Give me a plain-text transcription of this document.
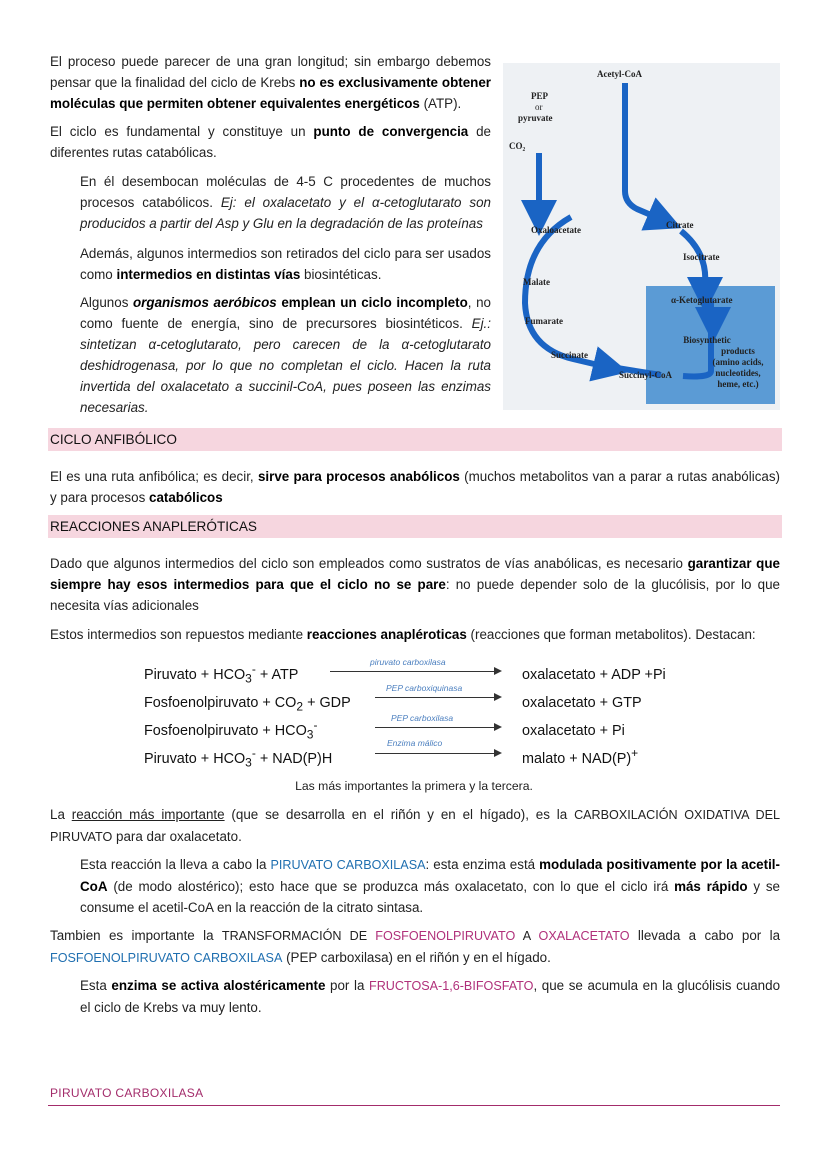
El proceso puede parecer de una gran longitud; sin embargo debemos pensar que la finalidad del ciclo de Krebs no es exclusivamente obtener moléculas que permiten obtener equivalentes energéticos (ATP).

El ciclo es fundamental y constituye un punto de convergencia de diferentes rutas catabólicas.

En él desembocan moléculas de 4-5 C procedentes de muchos procesos catabólicos. Ej: el oxalacetato y el α-cetoglutarato son producidos a partir del Asp y Glu en la degradación de las proteínas

Además, algunos intermedios son retirados del ciclo para ser usados como intermedios en distintas vías biosintéticas.

Algunos organismos aeróbicos emplean un ciclo incompleto, no como fuente de energía, sino de precursores biosintéticos. Ej.: sintetizan α-cetoglutarato, pero carecen de la α-cetoglutarato deshidrogenasa, por lo que no completan el ciclo. Hacen la ruta invertida del oxalacetato a succinil-CoA, pues poseen las enzimas necesarias.

Acetyl-CoA
PEP
or
pyruvate
CO₂
Oxaloacetate	Citrate
Isocitrate
Malate
Fumarate
Succinate
Succinyl-CoA
α-Ketoglutarate
Biosynthetic
products
(amino acids,
nucleotides,
heme, etc.)
CICLO ANFIBÓLICO

El es una ruta anfibólica; es decir, sirve para procesos anabólicos (muchos metabolitos van a parar a rutas anabólicas) y para procesos catabólicos

REACCIONES ANAPLERÓTICAS

Dado que algunos intermedios del ciclo son empleados como sustratos de vías anabólicas, es necesario garantizar que siempre hay esos intermedios para que el ciclo no se pare: no puede depender solo de la glucólisis, por lo que necesita vías adicionales

Estos intermedios son repuestos mediante reacciones anapléroticas (reacciones que forman metabolitos). Destacan:

Piruvato + $HCO_3^-$ + ATP
piruvato carboxilasa
oxalacetato + ADP +Pi
Fosfoenolpiruvato + $CO_2$ + GDP
PEP carboxiquinasa
oxalacetato + GTP
Fosfoenolpiruvato + $HCO_3^-$	PEP carboxilasa
oxalacetato + Pi
Piruvato + $HCO_3^- + NAD(P)H$
Enzima málico
malato + NAD(P)+
Las más importantes la primera y la tercera.

La reacción más importante (que se desarrolla en el riñón y en el hígado), es la CARBOXILACIÓN OXIDATIVA DEL PIRUVATO para dar oxalacetato.

Esta reacción la lleva a cabo la PIRUVATO CARBOXILASA: esta enzima está modulada positivamente por la acetil-CoA (de modo alostérico); esto hace que se produzca más oxalacetato, con lo que el ciclo irá más rápido y se consume el acetil-CoA en la reacción de la citrato sintasa.

Tambien es importante la TRANSFORMACIÓN DE FOSFOENOLPIRUVATO A OXALACETATO llevada a cabo por la FOSFOENOLPIRUVATO CARBOXILASA (PEP carboxilasa) en el riñón y en el hígado.

Esta enzima se activa alostéricamente por la FRUCTOSA-1,6-BIFOSFATO, que se acumula en la glucólisis cuando el ciclo de Krebs va muy lento.

PIRUVATO CARBOXILASA
